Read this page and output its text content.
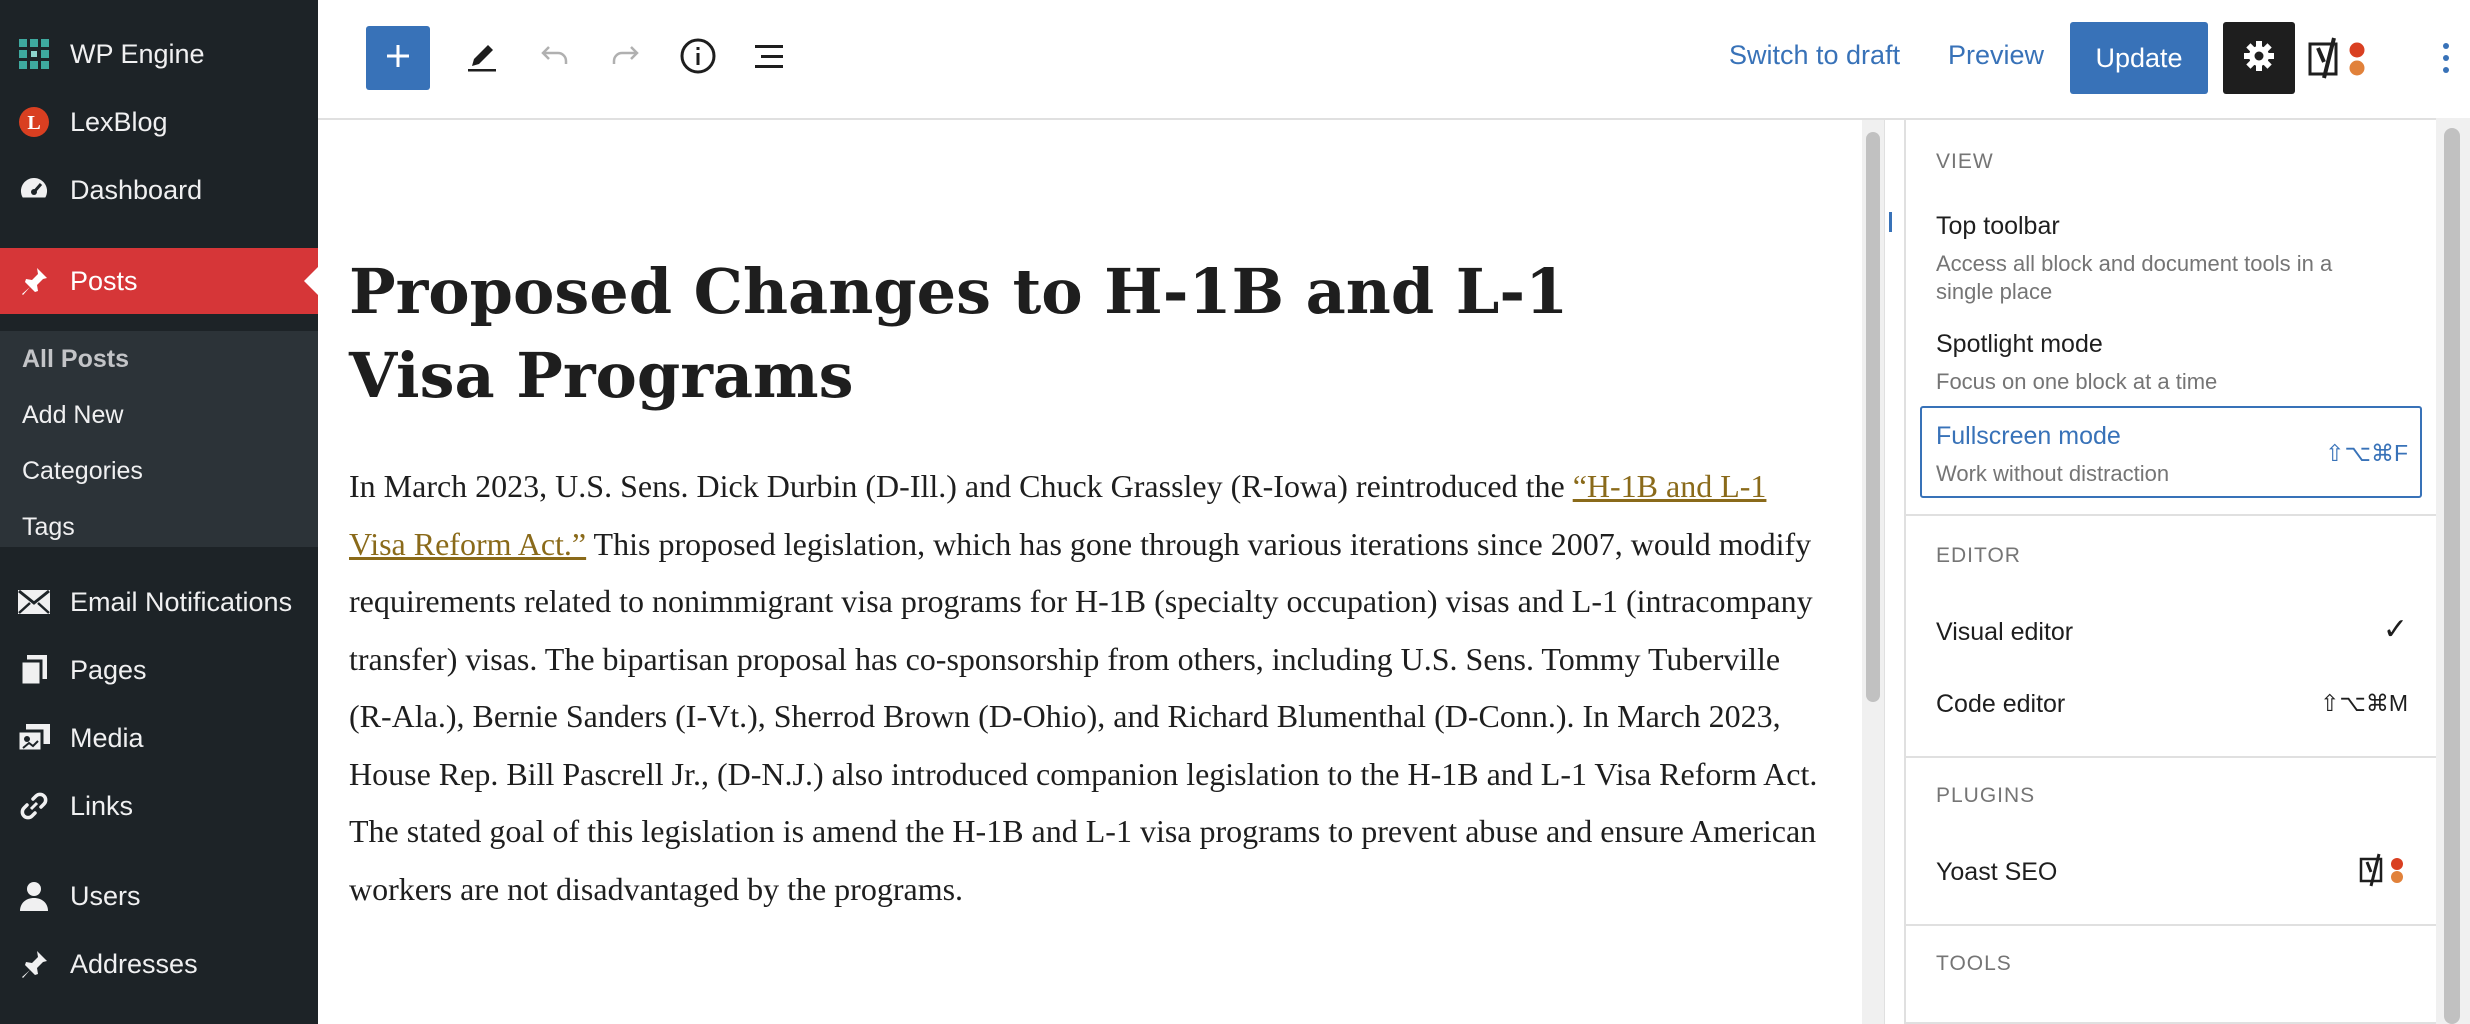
WP Engine
L LexBlog
Dashboard
Posts
All Posts
Add New
Categories
Tags
Email Notifications
Pages
Media
Links
Users
Addresses
Switch to draft Preview Update
Proposed Changes to H-1B and L-1 Visa Programs

In March 2023, U.S. Sens. Dick Durbin (D-Ill.) and Chuck Grassley (R-Iowa) reintroduced the “H-1B and L-1 Visa Reform Act.” This proposed legislation, which has gone through various iterations since 2007, would modify requirements related to nonimmigrant visa programs for H-1B (specialty occupation) visas and L-1 (intracompany transfer) visas. The bipartisan proposal has co-sponsorship from others, including U.S. Sens. Tommy Tuberville (R-Ala.), Bernie Sanders (I-Vt.), Sherrod Brown (D-Ohio), and Richard Blumenthal (D-Conn.). In March 2023, House Rep. Bill Pascrell Jr., (D-N.J.) also introduced companion legislation to the H-1B and L-1 Visa Reform Act. The stated goal of this legislation is amend the H-1B and L-1 visa programs to prevent abuse and ensure American workers are not disadvantaged by the programs.

VIEW
Top toolbar
Access all block and document tools in a single place
Spotlight mode
Focus on one block at a time
Fullscreen mode
Work without distraction
⇧⌥⌘F
EDITOR
Visual editor	✓
Code editor	⇧⌥⌘M
PLUGINS
Yoast SEO
TOOLS
